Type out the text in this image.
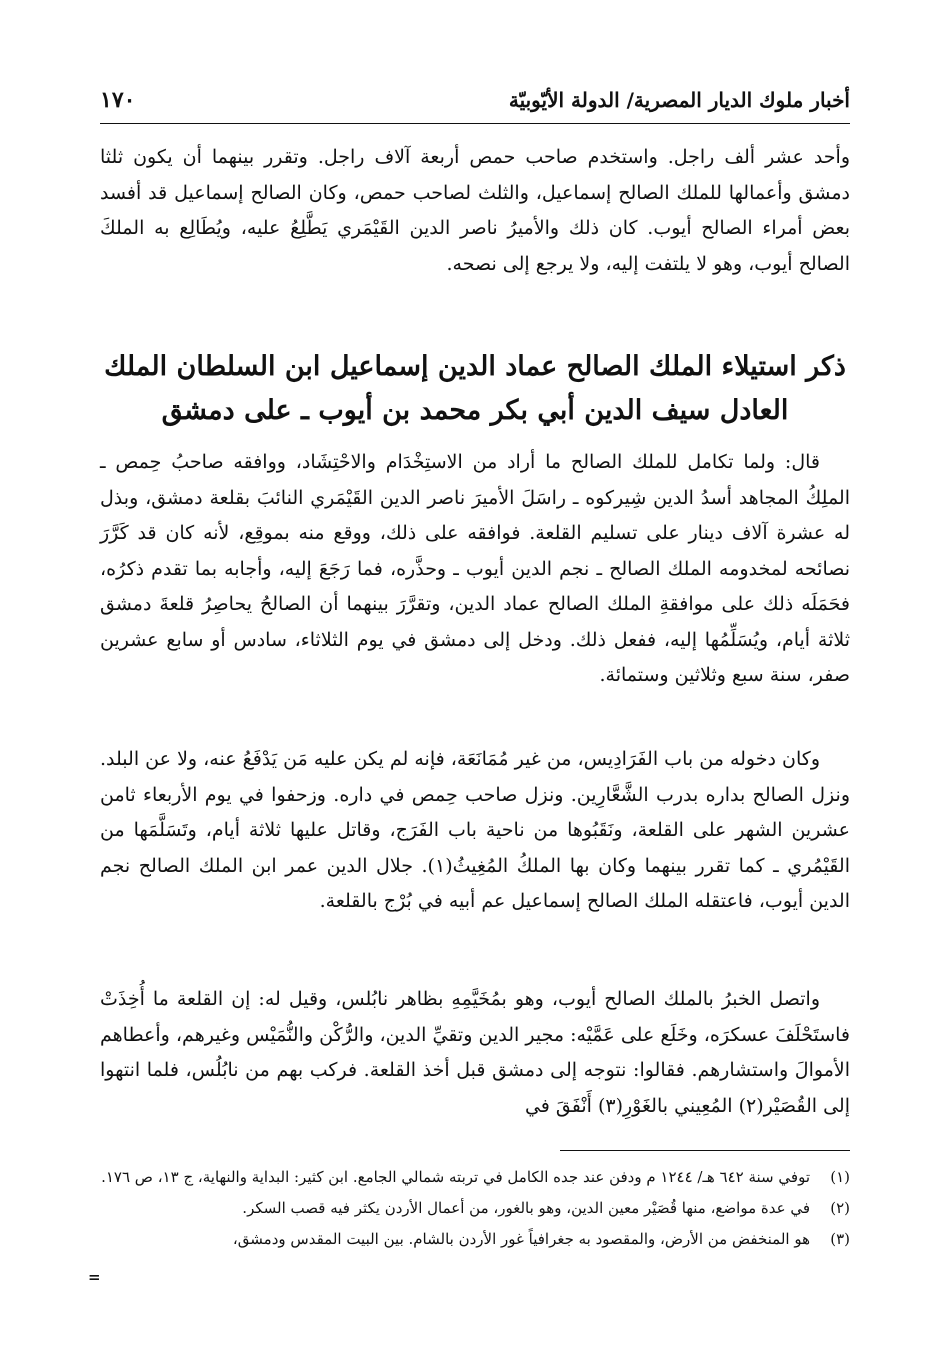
١٧٠	أخبار ملوك الديار المصرية/ الدولة الأيّوبيّة

وأحد عشر ألف راجل. واستخدم صاحب حمص أربعة آلاف راجل. وتقرر بينهما أن يكون ثلثا دمشق وأعمالها للملك الصالح إسماعيل، والثلث لصاحب حمص، وكان الصالح إسماعيل قد أفسد بعض أمراء الصالح أيوب. كان ذلك والأميرُ ناصر الدين القَيْمَري يَطَّلِعُ عليه، ويُطَالِع به الملكَ الصالح أيوب، وهو لا يلتفت إليه، ولا يرجع إلى نصحه.

ذكر استيلاء الملك الصالح عماد الدين إسماعيل ابن السلطان الملك
العادل سيف الدين أبي بكر محمد بن أيوب ـ على دمشق

قال: ولما تكامل للملك الصالح ما أراد من الاستِخْدَام والاحْتِشَاد، ووافقه صاحبُ حِمص ـ الملِكُ المجاهد أسدُ الدين شِيركوه ـ راسَلَ الأميرَ ناصر الدين القَيْمَري النائبَ بقلعة دمشق، وبذل له عشرة آلاف دينار على تسليم القلعة. فوافقه على ذلك، ووقع منه بموقِع، لأنه كان قد كَرَّرَ نصائحه لمخدومه الملك الصالح ـ نجم الدين أيوب ـ وحذَّره، فما رَجَعَ إليه، وأجابه بما تقدم ذكرُه، فحَمَلَه ذلك على موافقةِ الملك الصالح عماد الدين، وتقرَّرَ بينهما أن الصالحُ يحاصِرُ قلعةَ دمشق ثلاثة أيام، ويُسَلِّمُها إليه، ففعل ذلك. ودخل إلى دمشق في يوم الثلاثاء، سادس أو سابع عشرين صفر، سنة سبع وثلاثين وستمائة.

وكان دخوله من باب الفَرَادِيس، من غير مُمَانَعَة، فإنه لم يكن عليه مَن يَدْفَعُ عنه، ولا عن البلد. ونزل الصالح بداره بدرب الشَّعَّارِين. ونزل صاحب حِمص في داره. وزحفوا في يوم الأربعاء ثامن عشرين الشهر على القلعة، ونَقَبُوها من ناحية باب الفَرَج، وقاتل عليها ثلاثة أيام، وتَسَلَّمَها من القَيْمُري ـ كما تقرر بينهما وكان بها الملكُ المُغِيثُ(١). جلال الدين عمر ابن الملك الصالح نجم الدين أيوب، فاعتقله الملك الصالح إسماعيل عم أبيه في بُرْج بالقلعة.

واتصل الخبرُ بالملك الصالح أيوب، وهو بمُخَيَّمِهِ بظاهر نابُلس، وقيل له: إن القلعة ما أُخِذَتْ فاستَحْلَفَ عسكرَه، وخَلَع على عَمَّيْه: مجير الدين وتقيِّ الدين، والرُّكْن والنُّمَيْس وغيرهم، وأعطاهم الأموالَ واستشارهم. فقالوا: نتوجه إلى دمشق قبل أخذ القلعة. فركب بهم من نابُلُس، فلما انتهوا إلى القُصَيْر(٢) المُعِيني بالغَوْرِ(٣) أَنْفَقَ في

(١)
توفي سنة ٦٤٢ هـ/ ١٢٤٤ م ودفن عند جده الكامل في تربته شمالي الجامع. ابن كثير: البداية والنهاية، ج ١٣، ص ١٧٦.
(٢)
في عدة مواضع، منها قُصَيْر معين الدين، وهو بالغور، من أعمال الأردن يكثر فيه قصب السكر.
(٣)
هو المنخفض من الأرض، والمقصود به جغرافياً غور الأردن بالشام. بين البيت المقدس ودمشق،
=
